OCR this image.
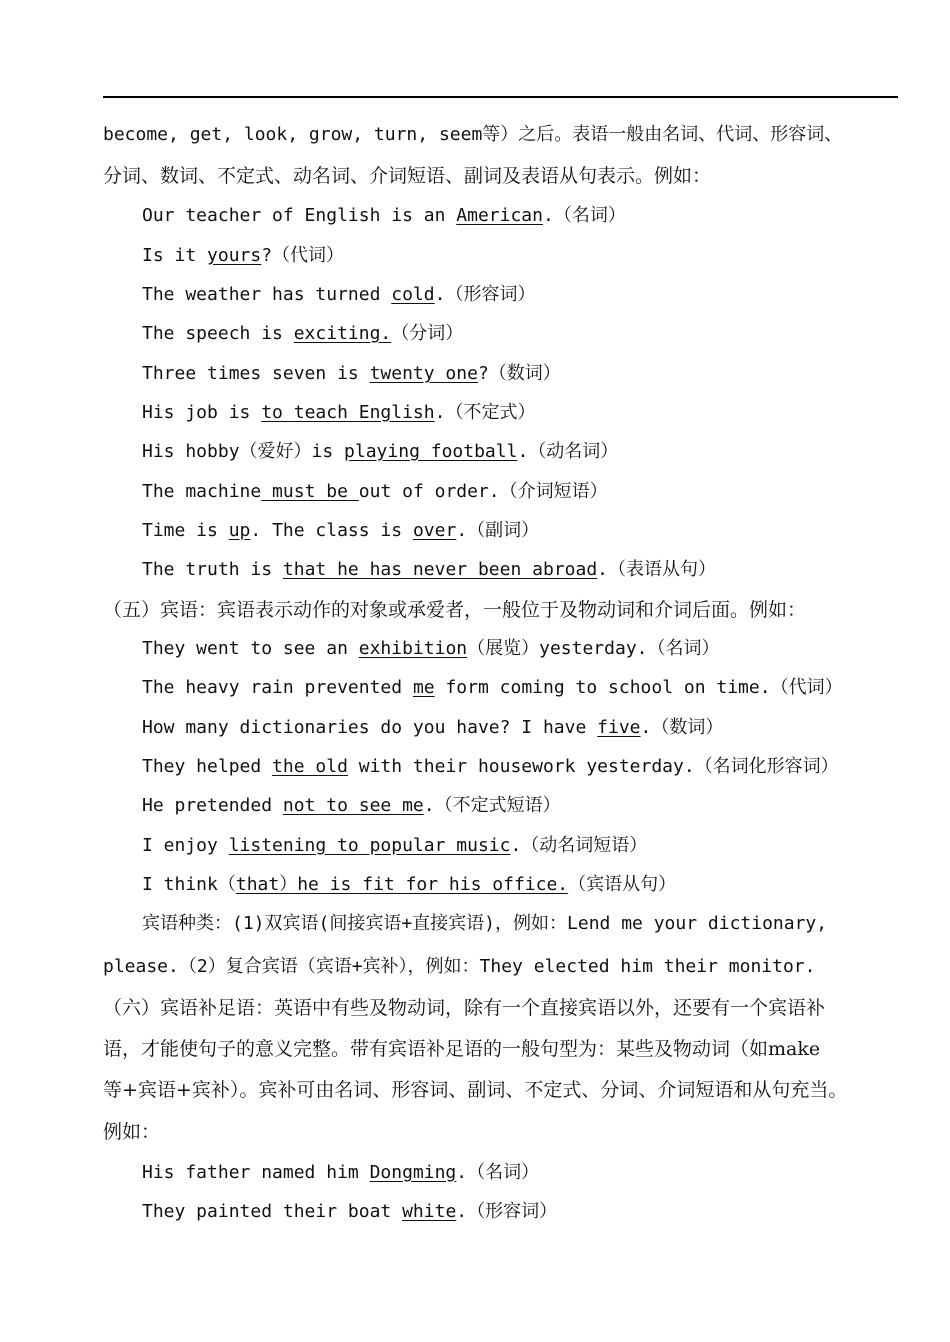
become, get, look, grow, turn, seem等）之后。表语一般由名词、代词、形容词、
分词、数词、不定式、动名词、介词短语、副词及表语从句表示。例如：
Our teacher of English is an American.（名词）
Is it yours?（代词）
The weather has turned cold.（形容词）
The speech is exciting.（分词）
Three times seven is twenty one?（数词）
His job is to teach English.（不定式）
His hobby（爱好）is playing football.（动名词）
The machine must be out of order.（介词短语）
Time is up. The class is over.（副词）
The truth is that he has never been abroad.（表语从句）
（五）宾语：宾语表示动作的对象或承爱者，一般位于及物动词和介词后面。例如：
They went to see an exhibition（展览）yesterday.（名词）
The heavy rain prevented me form coming to school on time.（代词）
How many dictionaries do you have? I have five.（数词）
They helped the old with their housework yesterday.（名词化形容词）
He pretended not to see me.（不定式短语）
I enjoy listening to popular music.（动名词短语）
I think（that）he is fit for his office.（宾语从句）
宾语种类：(1)双宾语(间接宾语+直接宾语)，例如：Lend me your dictionary,
please.（2）复合宾语（宾语+宾补），例如：They elected him their monitor.
（六）宾语补足语：英语中有些及物动词，除有一个直接宾语以外，还要有一个宾语补
语，才能使句子的意义完整。带有宾语补足语的一般句型为：某些及物动词（如make
等+宾语+宾补）。宾补可由名词、形容词、副词、不定式、分词、介词短语和从句充当。
例如：
His father named him Dongming.（名词）
They painted their boat white.（形容词）
